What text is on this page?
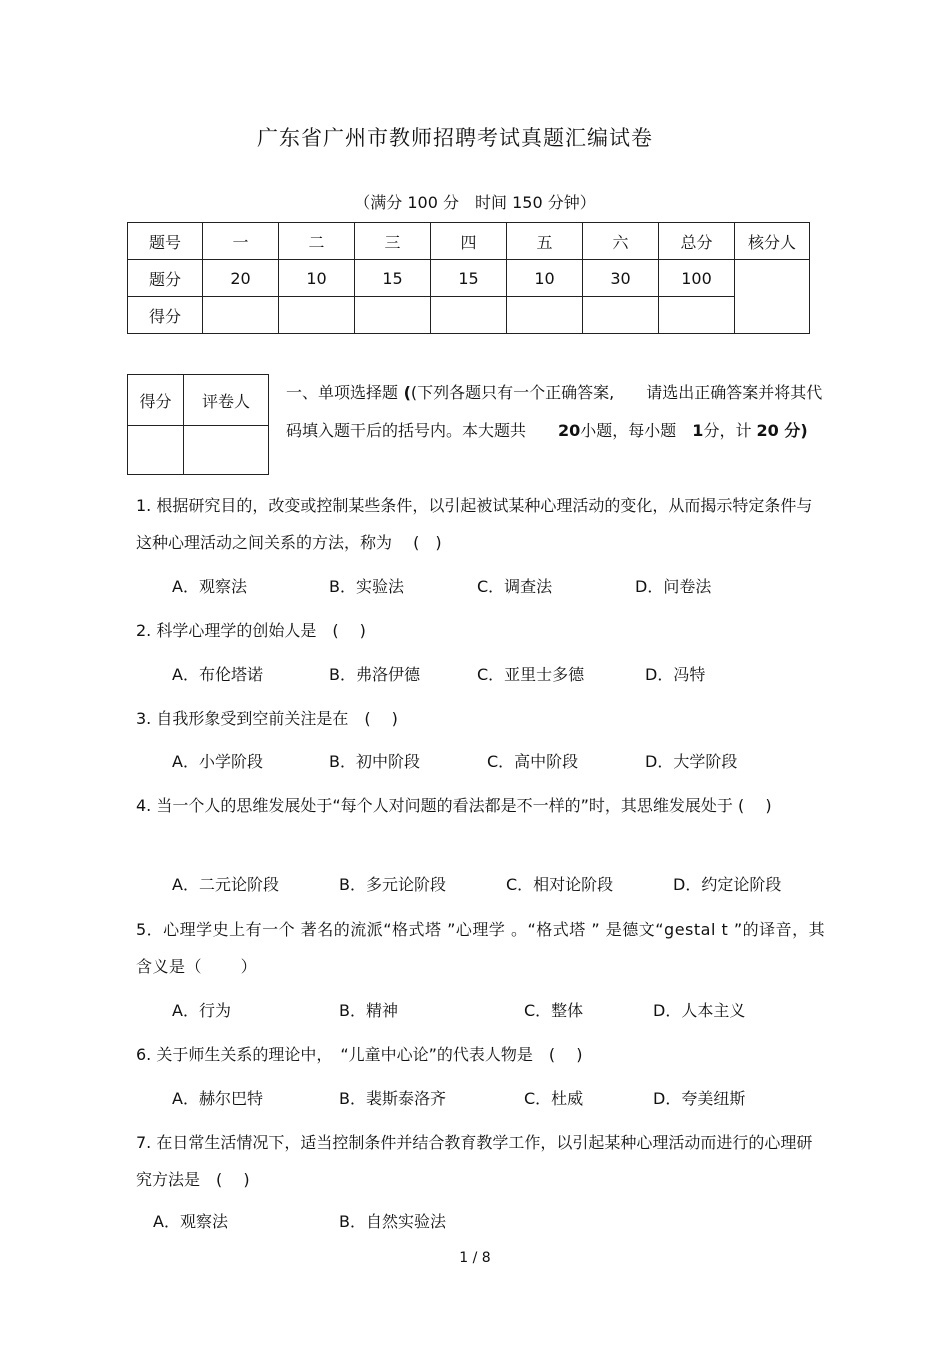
广东省广州市教师招聘考试真题汇编试卷
（满分 100 分　时间 150 分钟）
题号	一	二	三	四	五	六	总分	核分人
题分	20	10	15	15	10	30	100	
得分								
得分	评卷人
	一、单项选择题 ((下列各题只有一个正确答案,　　请选出正确答案并将其代码填入题干后的括号内。本大题共　　20小题，每小题　1分，计 20 分)
1. 根据研究目的，改变或控制某些条件，以引起被试某种心理活动的变化，从而揭示特定条件与这种心理活动之间关系的方法，称为　 (　)
A．观察法	B．实验法	C．调查法	D．问卷法
2. 科学心理学的创始人是　(　 )
A．布伦塔诺	B．弗洛伊德	C．亚里士多德	D．冯特
3. 自我形象受到空前关注是在　(　 )
A．小学阶段	B．初中阶段	C．高中阶段	D．大学阶段
4. 当一个人的思维发展处于“每个人对问题的看法都是不一样的”时，其思维发展处于 (　 )
A．二元论阶段	B．多元论阶段	C．相对论阶段	D．约定论阶段
5．心理学史上有一个 著名的流派“格式塔 ”心理学 。“格式塔 ” 是德文“gestal t ”的译音，其含义是（　　 ）
A．行为	B．精神	C．整体	D．人本主义
6. 关于师生关系的理论中，　“儿童中心论”的代表人物是　(　 )
A．赫尔巴特	B．裴斯泰洛齐	C．杜威	D．夸美纽斯
7. 在日常生活情况下，适当控制条件并结合教育教学工作，以引起某种心理活动而进行的心理研究方法是　(　 )
A．观察法	B．自然实验法
1 / 8
